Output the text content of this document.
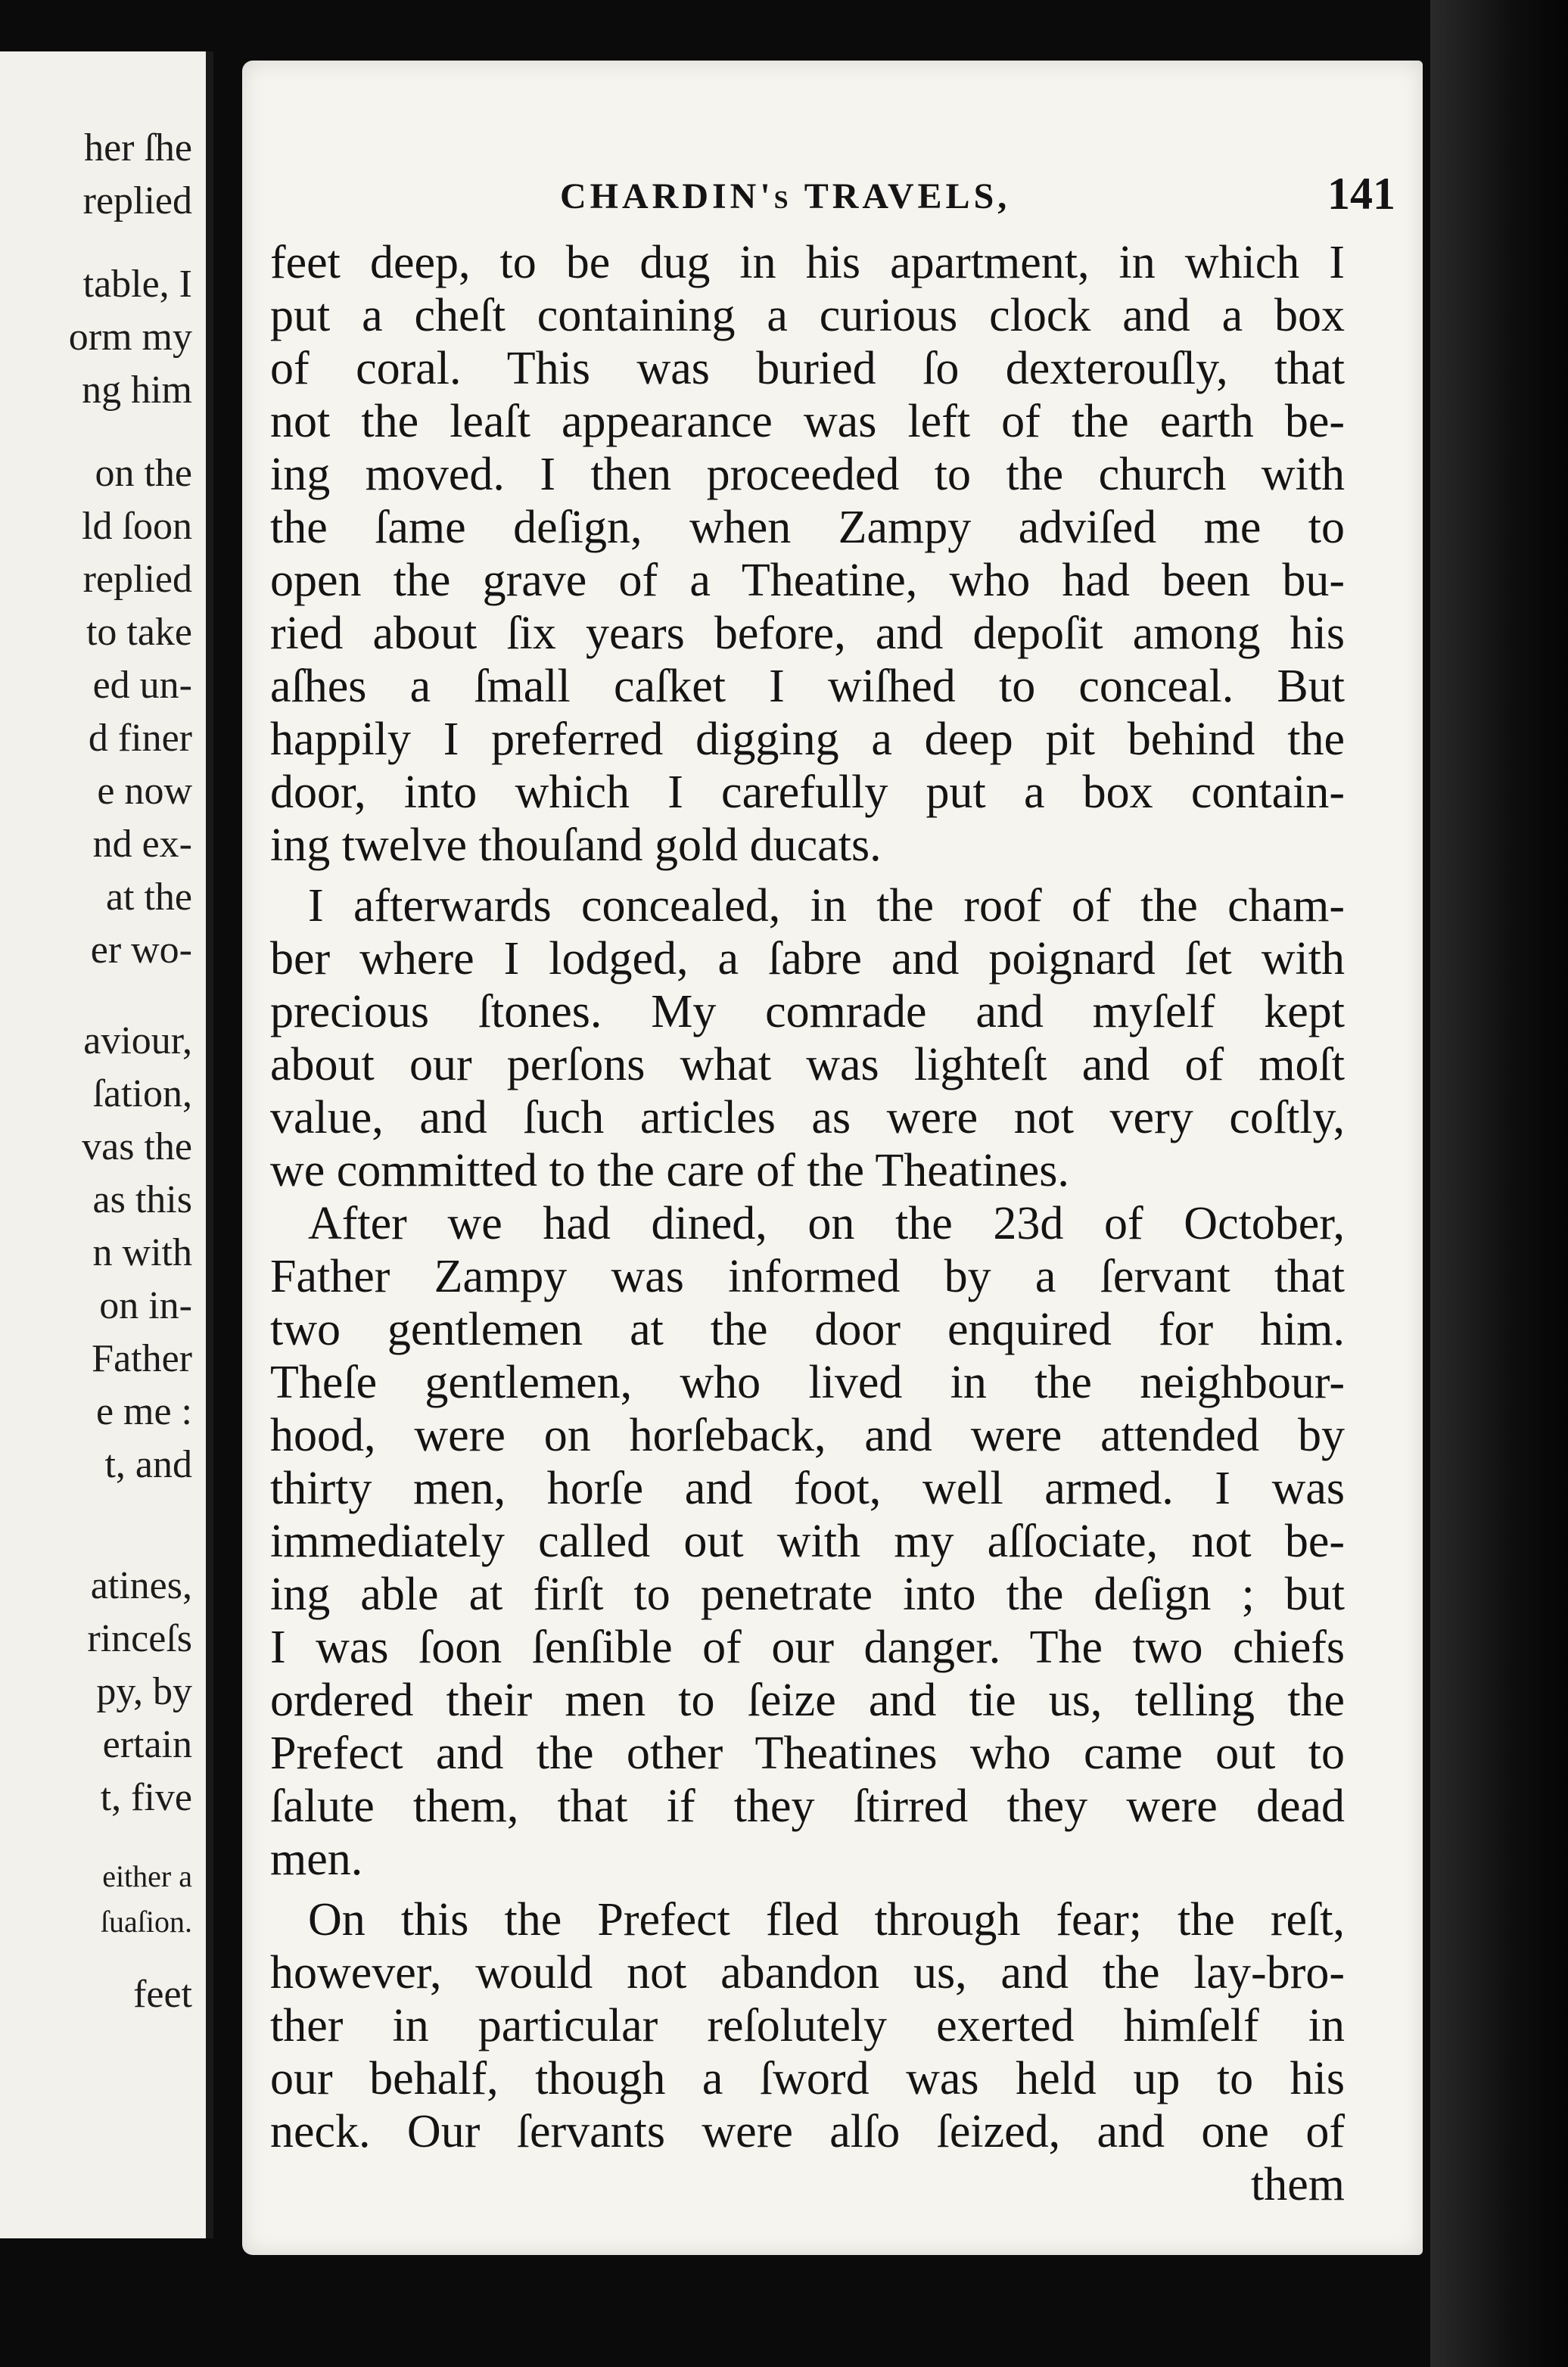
her ſhe
replied
table, I
orm my
ng him
on the
ld ſoon
replied
to take
ed un-
d finer
e now
nd ex-
at the
er wo-
aviour,
ſation,
vas the
as this
n with
on in-
Father
e me :
t, and
atines,
rinceſs
py, by
ertain
t, five
either a
ſuaſion.
feet
CHARDIN's TRAVELS,	141
feet deep, to be dug in his apartment, in which I
put a cheſt containing a curious clock and a box
of coral. This was buried ſo dexterouſly, that
not the leaſt appearance was left of the earth be-
ing moved. I then proceeded to the church with
the ſame deſign, when Zampy adviſed me to
open the grave of a Theatine, who had been bu-
ried about ſix years before, and depoſit among his
aſhes a ſmall caſket I wiſhed to conceal. But
happily I preferred digging a deep pit behind the
door, into which I carefully put a box contain-
ing twelve thouſand gold ducats.
I afterwards concealed, in the roof of the cham-
ber where I lodged, a ſabre and poignard ſet with
precious ſtones. My comrade and myſelf kept
about our perſons what was lighteſt and of moſt
value, and ſuch articles as were not very coſtly,
we committed to the care of the Theatines.
After we had dined, on the 23d of October,
Father Zampy was informed by a ſervant that
two gentlemen at the door enquired for him.
Theſe gentlemen, who lived in the neighbour-
hood, were on horſeback, and were attended by
thirty men, horſe and foot, well armed. I was
immediately called out with my aſſociate, not be-
ing able at firſt to penetrate into the deſign ; but
I was ſoon ſenſible of our danger. The two chiefs
ordered their men to ſeize and tie us, telling the
Prefect and the other Theatines who came out to
ſalute them, that if they ſtirred they were dead
men.
On this the Prefect fled through fear; the reſt,
however, would not abandon us, and the lay-bro-
ther in particular reſolutely exerted himſelf in
our behalf, though a ſword was held up to his
neck. Our ſervants were alſo ſeized, and one of
them
